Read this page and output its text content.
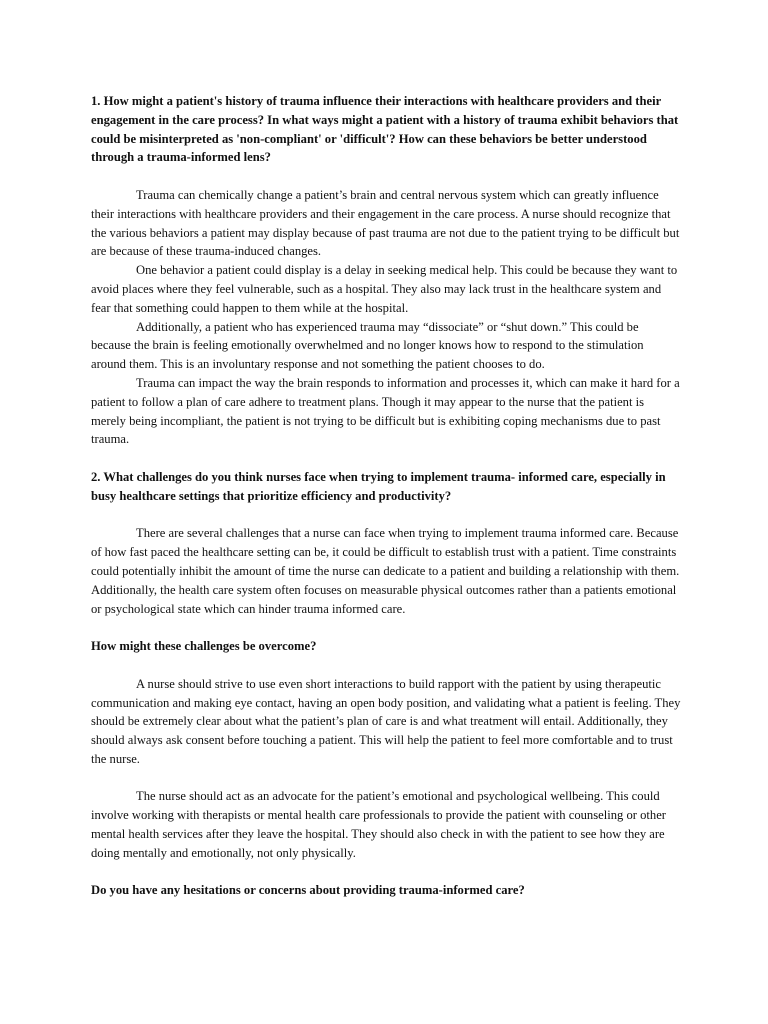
1. How might a patient's history of trauma influence their interactions with healthcare providers and their engagement in the care process? In what ways might a patient with a history of trauma exhibit behaviors that could be misinterpreted as 'non-compliant' or 'difficult'? How can these behaviors be better understood through a trauma-informed lens?

Trauma can chemically change a patient’s brain and central nervous system which can greatly influence their interactions with healthcare providers and their engagement in the care process. A nurse should recognize that the various behaviors a patient may display because of past trauma are not due to the patient trying to be difficult but are because of these trauma-induced changes.

One behavior a patient could display is a delay in seeking medical help. This could be because they want to avoid places where they feel vulnerable, such as a hospital. They also may lack trust in the healthcare system and fear that something could happen to them while at the hospital.

Additionally, a patient who has experienced trauma may “dissociate” or “shut down.” This could be because the brain is feeling emotionally overwhelmed and no longer knows how to respond to the stimulation around them. This is an involuntary response and not something the patient chooses to do.

Trauma can impact the way the brain responds to information and processes it, which can make it hard for a patient to follow a plan of care adhere to treatment plans. Though it may appear to the nurse that the patient is merely being incompliant, the patient is not trying to be difficult but is exhibiting coping mechanisms due to past trauma.

2. What challenges do you think nurses face when trying to implement trauma- informed care, especially in busy healthcare settings that prioritize efficiency and productivity?

There are several challenges that a nurse can face when trying to implement trauma informed care. Because of how fast paced the healthcare setting can be, it could be difficult to establish trust with a patient. Time constraints could potentially inhibit the amount of time the nurse can dedicate to a patient and building a relationship with them. Additionally, the health care system often focuses on measurable physical outcomes rather than a patients emotional or psychological state which can hinder trauma informed care.

How might these challenges be overcome?

A nurse should strive to use even short interactions to build rapport with the patient by using therapeutic communication and making eye contact, having an open body position, and validating what a patient is feeling. They should be extremely clear about what the patient’s plan of care is and what treatment will entail. Additionally, they should always ask consent before touching a patient. This will help the patient to feel more comfortable and to trust the nurse.

The nurse should act as an advocate for the patient’s emotional and psychological wellbeing. This could involve working with therapists or mental health care professionals to provide the patient with counseling or other mental health services after they leave the hospital. They should also check in with the patient to see how they are doing mentally and emotionally, not only physically.

Do you have any hesitations or concerns about providing trauma-informed care?
